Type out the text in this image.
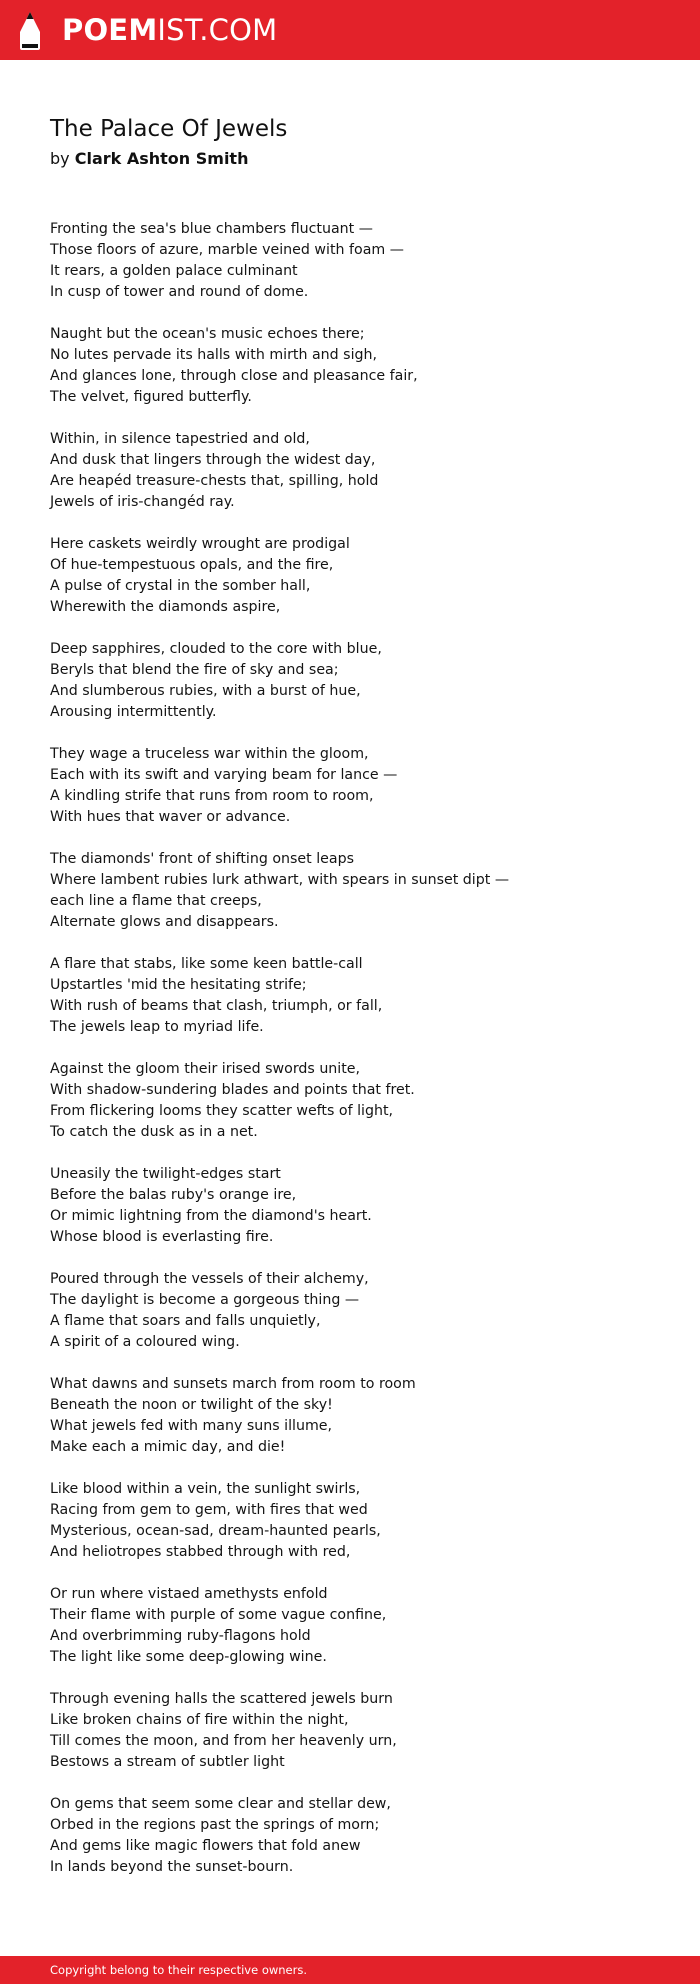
POEMIST.COM
The Palace Of Jewels
by Clark Ashton Smith
Fronting the sea's blue chambers fluctuant —
Those floors of azure, marble veined with foam —
It rears, a golden palace culminant
In cusp of tower and round of dome.
Naught but the ocean's music echoes there;
No lutes pervade its halls with mirth and sigh,
And glances lone, through close and pleasance fair,
The velvet, figured butterfly.
Within, in silence tapestried and old,
And dusk that lingers through the widest day,
Are heapéd treasure-chests that, spilling, hold
Jewels of iris-changéd ray.
Here caskets weirdly wrought are prodigal
Of hue-tempestuous opals, and the fire,
A pulse of crystal in the somber hall,
Wherewith the diamonds aspire,
Deep sapphires, clouded to the core with blue,
Beryls that blend the fire of sky and sea;
And slumberous rubies, with a burst of hue,
Arousing intermittently.
They wage a truceless war within the gloom,
Each with its swift and varying beam for lance —
A kindling strife that runs from room to room,
With hues that waver or advance.
The diamonds' front of shifting onset leaps
Where lambent rubies lurk athwart, with spears in sunset dipt —
each line a flame that creeps,
Alternate glows and disappears.
A flare that stabs, like some keen battle-call
Upstartles 'mid the hesitating strife;
With rush of beams that clash, triumph, or fall,
The jewels leap to myriad life.
Against the gloom their irised swords unite,
With shadow-sundering blades and points that fret.
From flickering looms they scatter wefts of light,
To catch the dusk as in a net.
Uneasily the twilight-edges start
Before the balas ruby's orange ire,
Or mimic lightning from the diamond's heart.
Whose blood is everlasting fire.
Poured through the vessels of their alchemy,
The daylight is become a gorgeous thing —
A flame that soars and falls unquietly,
A spirit of a coloured wing.
What dawns and sunsets march from room to room
Beneath the noon or twilight of the sky!
What jewels fed with many suns illume,
Make each a mimic day, and die!
Like blood within a vein, the sunlight swirls,
Racing from gem to gem, with fires that wed
Mysterious, ocean-sad, dream-haunted pearls,
And heliotropes stabbed through with red,
Or run where vistaed amethysts enfold
Their flame with purple of some vague confine,
And overbrimming ruby-flagons hold
The light like some deep-glowing wine.
Through evening halls the scattered jewels burn
Like broken chains of fire within the night,
Till comes the moon, and from her heavenly urn,
Bestows a stream of subtler light
On gems that seem some clear and stellar dew,
Orbed in the regions past the springs of morn;
And gems like magic flowers that fold anew
In lands beyond the sunset-bourn.
Copyright belong to their respective owners.
